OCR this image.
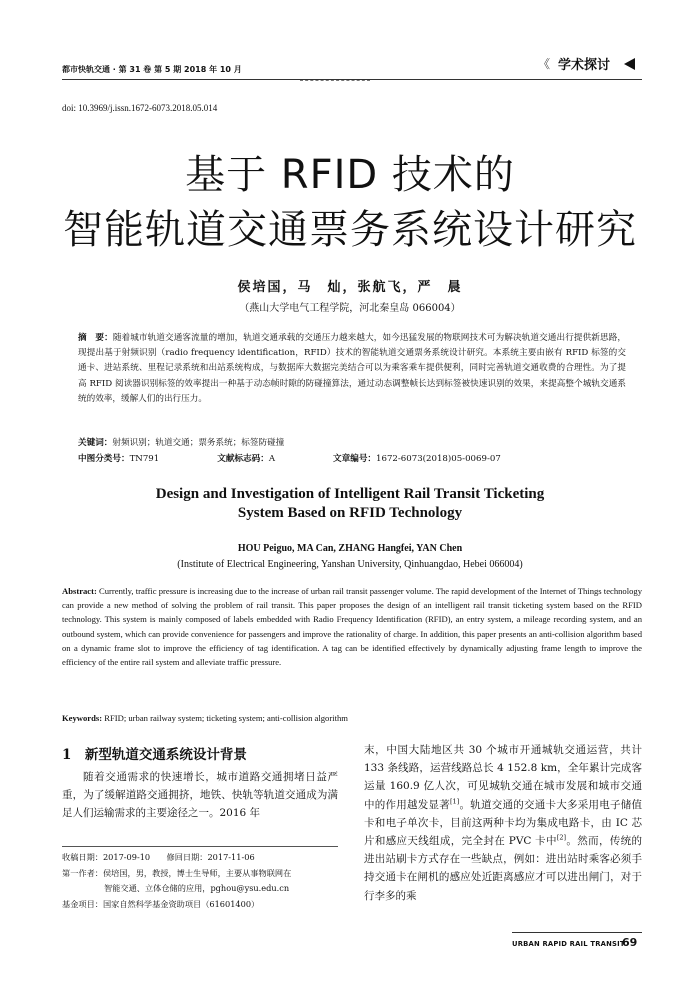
都市快轨交通 · 第 31 卷 第 5 期 2018 年 10 月	《 学术探讨
doi: 10.3969/j.issn.1672-6073.2018.05.014
基于 RFID 技术的
智能轨道交通票务系统设计研究
侯培国，马　灿，张航飞，严　晨
（燕山大学电气工程学院，河北秦皇岛 066004）
摘　要：随着城市轨道交通客流量的增加，轨道交通承载的交通压力越来越大，如今迅猛发展的物联网技术可为解决轨道交通出行提供新思路，现提出基于射频识别（radio frequency identification，RFID）技术的智能轨道交通票务系统设计研究。本系统主要由嵌有 RFID 标签的交通卡、进站系统、里程记录系统和出站系统构成，与数据库大数据完美结合可以为乘客乘车提供便利，同时完善轨道交通收费的合理性。为了提高 RFID 阅读器识别标签的效率提出一种基于动态帧时隙的防碰撞算法，通过动态调整帧长达到标签被快速识别的效果，来提高整个城轨交通系统的效率，缓解人们的出行压力。
关键词：射频识别；轨道交通；票务系统；标签防碰撞
中图分类号：TN791	文献标志码：A	文章编号：1672-6073(2018)05-0069-07
Design and Investigation of Intelligent Rail Transit Ticketing
System Based on RFID Technology
HOU Peiguo, MA Can, ZHANG Hangfei, YAN Chen
(Institute of Electrical Engineering, Yanshan University, Qinhuangdao, Hebei 066004)
Abstract: Currently, traffic pressure is increasing due to the increase of urban rail transit passenger volume. The rapid development of the Internet of Things technology can provide a new method of solving the problem of rail transit. This paper proposes the design of an intelligent rail transit ticketing system based on the RFID technology. This system is mainly composed of labels embedded with Radio Frequency Identification (RFID), an entry system, a mileage recording system, and an outbound system, which can provide convenience for passengers and improve the rationality of charge. In addition, this paper presents an anti-collision algorithm based on a dynamic frame slot to improve the efficiency of tag identification. A tag can be identified effectively by dynamically adjusting frame length to improve the efficiency of the entire rail system and alleviate traffic pressure.
Keywords: RFID; urban railway system; ticketing system; anti-collision algorithm
1　新型轨道交通系统设计背景
随着交通需求的快速增长，城市道路交通拥堵日益严重，为了缓解道路交通拥挤，地铁、快轨等轨道交通成为满足人们运输需求的主要途径之一。2016 年
收稿日期：2017-09-10　　修回日期：2017-11-06
第一作者：侯培国，男，教授，博士生导师，主要从事物联网在
智能交通、立体仓储的应用，pghou@ysu.edu.cn
基金项目：国家自然科学基金资助项目（61601400）
末，中国大陆地区共 30 个城市开通城轨交通运营，共计 133 条线路，运营线路总长 4 152.8 km，全年累计完成客运量 160.9 亿人次，可见城轨交通在城市发展和城市交通中的作用越发显著[1]。轨道交通的交通卡大多采用电子储值卡和电子单次卡，目前这两种卡均为集成电路卡，由 IC 芯片和感应天线组成，完全封在 PVC 卡中[2]。然而，传统的进出站刷卡方式存在一些缺点，例如：进出站时乘客必须手持交通卡在闸机的感应处近距离感应才可以进出闸门，对于行李多的乘
URBAN RAPID RAIL TRANSIT
69
